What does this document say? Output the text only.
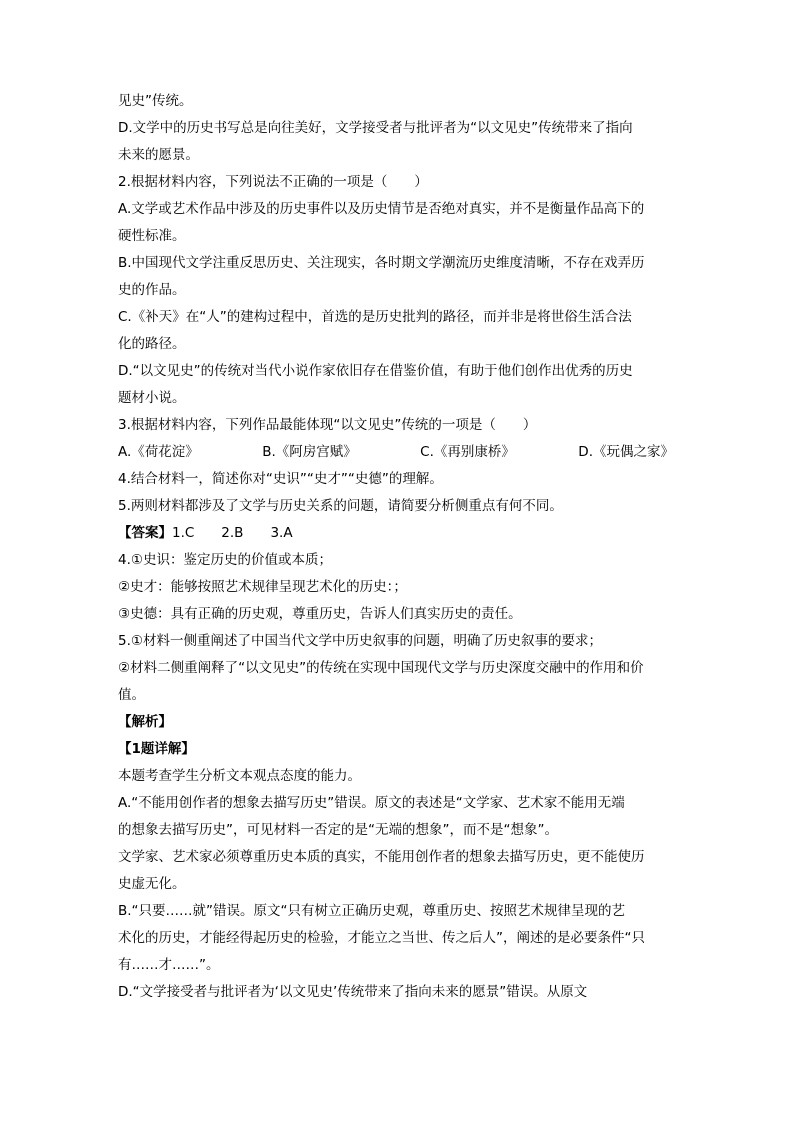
见史”传统。
D.文学中的历史书写总是向往美好，文学接受者与批评者为“以文见史”传统带来了指向
未来的愿景。
2.根据材料内容，下列说法不正确的一项是（　　）
A.文学或艺术作品中涉及的历史事件以及历史情节是否绝对真实，并不是衡量作品高下的
硬性标准。
B.中国现代文学注重反思历史、关注现实，各时期文学潮流历史维度清晰，不存在戏弄历
史的作品。
C.《补天》在“人”的建构过程中，首选的是历史批判的路径，而并非是将世俗生活合法
化的路径。
D.“以文见史”的传统对当代小说作家依旧存在借鉴价值，有助于他们创作出优秀的历史
题材小说。
3.根据材料内容，下列作品最能体现“以文见史”传统的一项是（　　）
A.《荷花淀》	B.《阿房宫赋》	C.《再别康桥》	D.《玩偶之家》
4.结合材料一，简述你对“史识”“史才”“史德”的理解。
5.两则材料都涉及了文学与历史关系的问题，请简要分析侧重点有何不同。
【答案】1.C　　2.B　　3.A
4.①史识：鉴定历史的价值或本质；
②史才：能够按照艺术规律呈现艺术化的历史：；
③史德：具有正确的历史观，尊重历史，告诉人们真实历史的责任。
5.①材料一侧重阐述了中国当代文学中历史叙事的问题，明确了历史叙事的要求；
②材料二侧重阐释了“以文见史”的传统在实现中国现代文学与历史深度交融中的作用和价
值。
【解析】
【1题详解】
本题考查学生分析文本观点态度的能力。
A.“不能用创作者的想象去描写历史”错误。原文的表述是“文学家、艺术家不能用无端
的想象去描写历史”，可见材料一否定的是“无端的想象”，而不是“想象”。
文学家、艺术家必须尊重历史本质的真实，不能用创作者的想象去描写历史，更不能使历
史虚无化。
B.“只要……就”错误。原文“只有树立正确历史观，尊重历史、按照艺术规律呈现的艺
术化的历史，才能经得起历史的检验，才能立之当世、传之后人”，阐述的是必要条件“只
有……才……”。
D.“文学接受者与批评者为‘以文见史’传统带来了指向未来的愿景”错误。从原文
